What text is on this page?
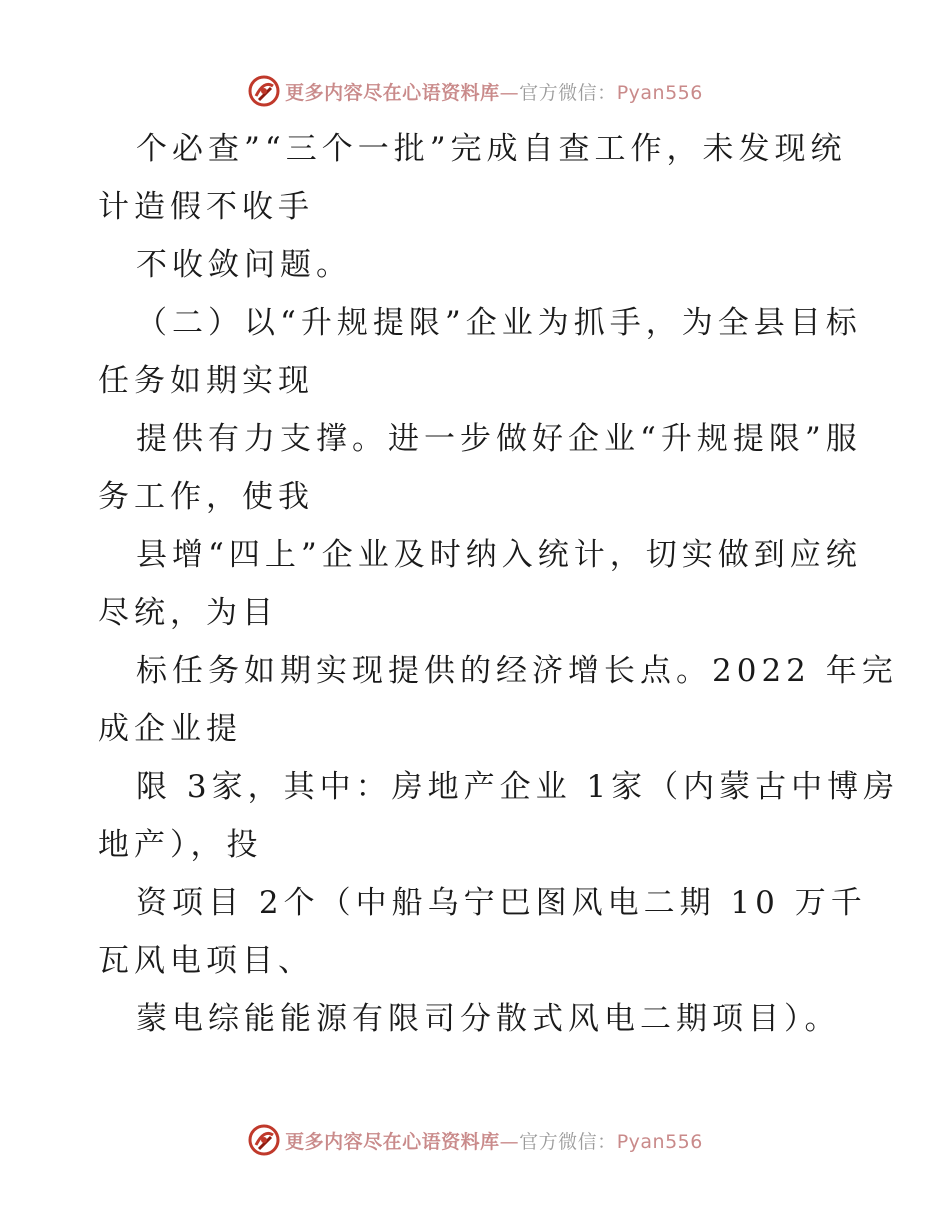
更多内容尽在心语资料库—官方微信：Pyan556
个必查”“三个一批”完成自查工作，未发现统
计造假不收手
不收敛问题。
（二）以“升规提限”企业为抓手，为全县目标
任务如期实现
提供有力支撑。进一步做好企业“升规提限”服
务工作，使我
县增“四上”企业及时纳入统计，切实做到应统
尽统，为目
标任务如期实现提供的经济增长点。2022 年完
成企业提
限 3家，其中：房地产企业 1家（内蒙古中博房
地产），投
资项目 2个（中船乌宁巴图风电二期 10 万千
瓦风电项目、
蒙电综能能源有限司分散式风电二期项目）。
更多内容尽在心语资料库—官方微信：Pyan556
